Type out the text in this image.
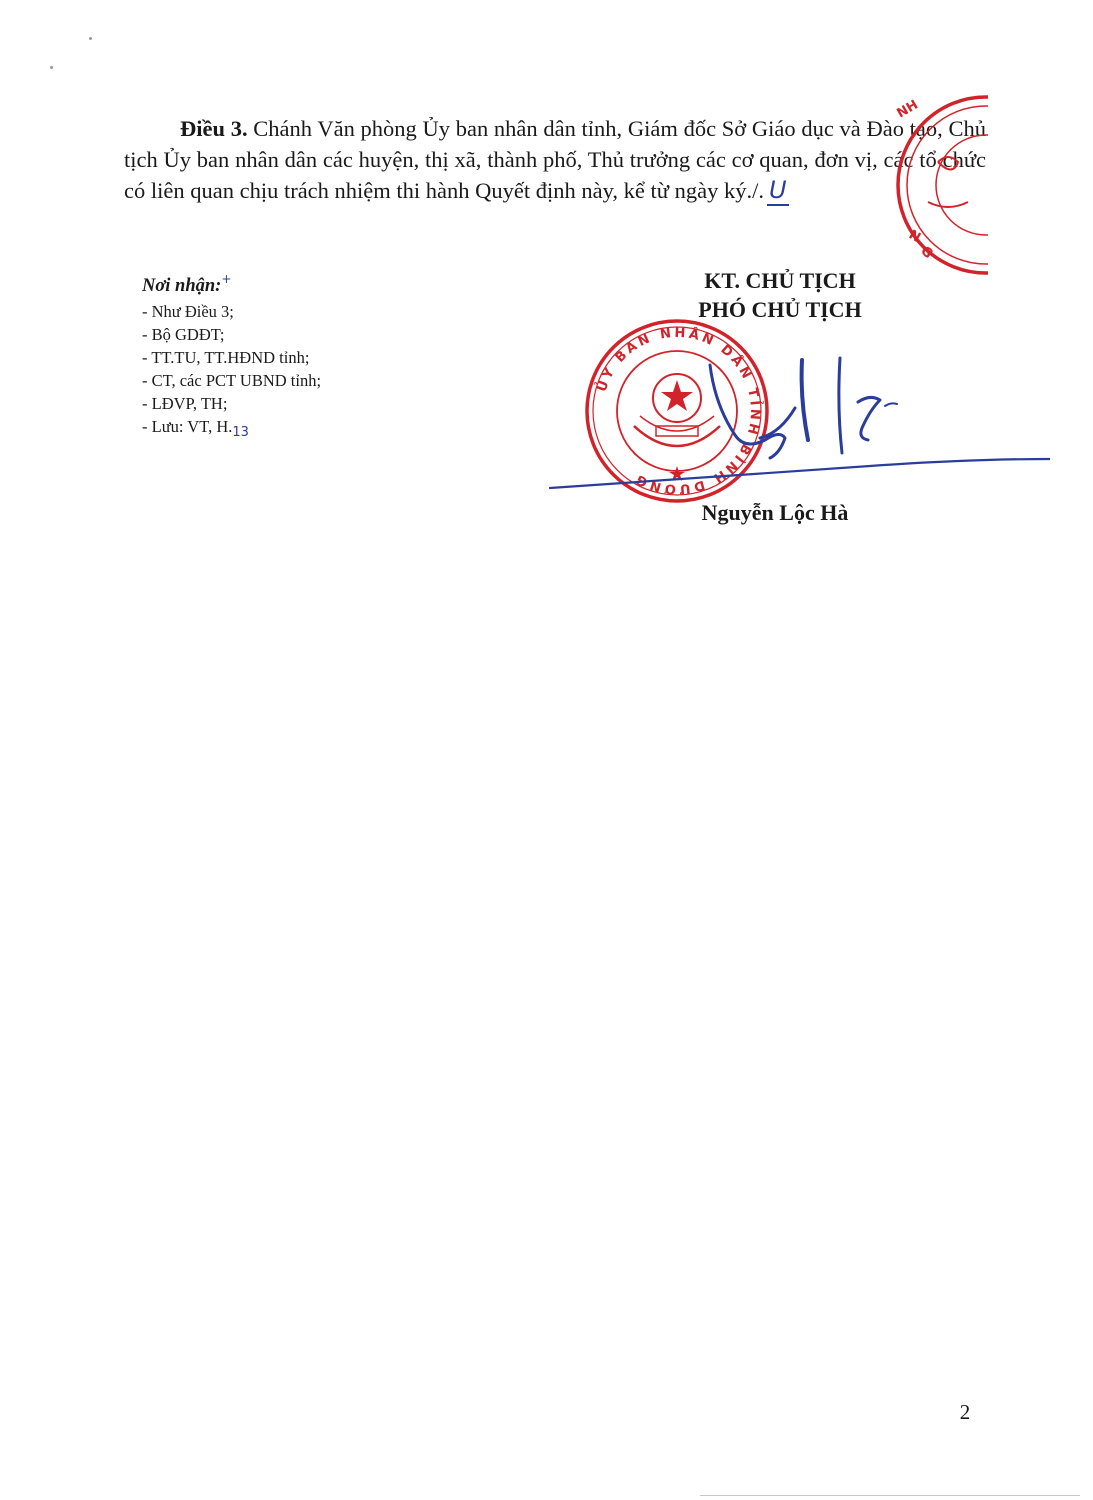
Điều 3. Chánh Văn phòng Ủy ban nhân dân tỉnh, Giám đốc Sở Giáo dục và Đào tạo, Chủ tịch Ủy ban nhân dân các huyện, thị xã, thành phố, Thủ trưởng các cơ quan, đơn vị, các tổ chức có liên quan chịu trách nhiệm thi hành Quyết định này, kể từ ngày ký./. U

Nơi nhận:+
- Như Điều 3;
- Bộ GDĐT;
- TT.TU, TT.HĐND tỉnh;
- CT, các PCT UBND tỉnh;
- LĐVP, TH;
- Lưu: VT, $H._{13}$
KT. CHỦ TỊCH
PHÓ CHỦ TỊCH
NH
G
N
ỦY BAN NHÂN DÂN TỈNH BÌNH DƯƠNG
Nguyễn Lộc Hà
2
